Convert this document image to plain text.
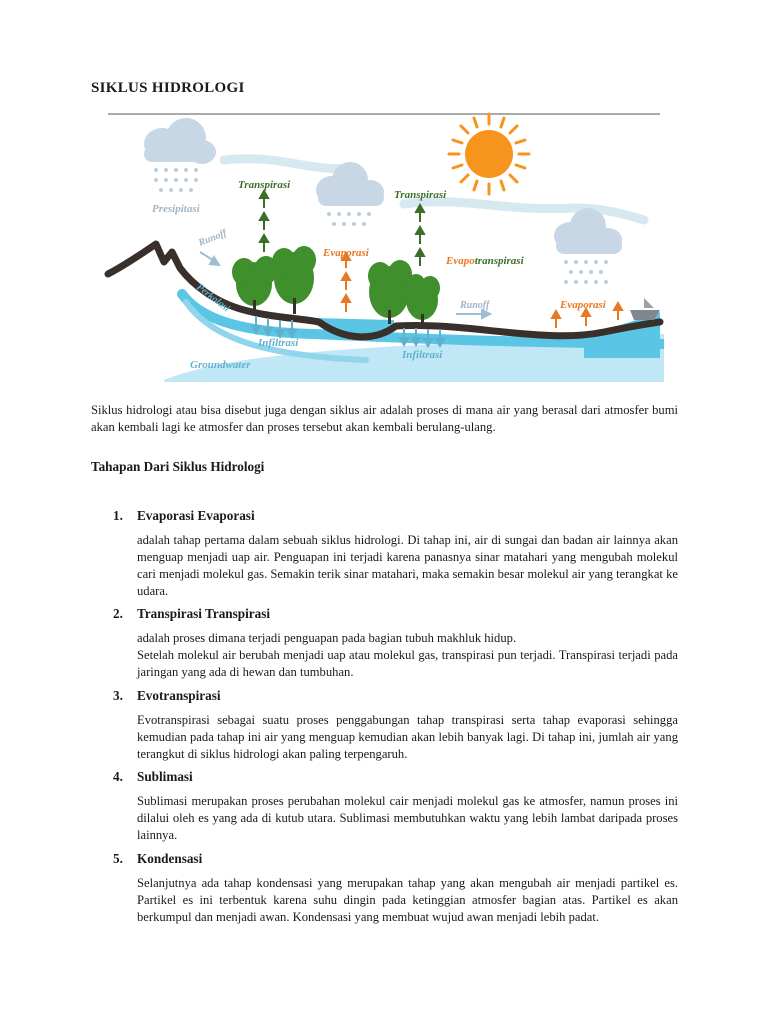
SIKLUS HIDROLOGI
Presipitasi
Transpirasi
Transpirasi
Evaporasi
Evaporasi
Evapotranspirasi
Runoff
Runoff
Perkolasi
Infiltrasi
Infiltrasi
Groundwater

Siklus hidrologi atau bisa disebut juga dengan siklus air adalah proses di mana air yang berasal dari atmosfer bumi akan kembali lagi ke atmosfer dan proses tersebut akan kembali berulang-ulang.

Tahapan Dari Siklus Hidrologi
1. Evaporasi Evaporasi

adalah tahap pertama dalam sebuah siklus hidrologi. Di tahap ini, air di sungai dan badan air lainnya akan menguap menjadi uap air. Penguapan ini terjadi karena panasnya sinar matahari yang mengubah molekul cari menjadi molekul gas. Semakin terik sinar matahari, maka semakin besar molekul air yang terangkat ke udara.

2. Transpirasi Transpirasi

adalah proses dimana terjadi penguapan pada bagian tubuh makhluk hidup.

Setelah molekul air berubah menjadi uap atau molekul gas, transpirasi pun terjadi. Transpirasi terjadi pada jaringan yang ada di hewan dan tumbuhan.

3. Evotranspirasi

Evotranspirasi sebagai suatu proses penggabungan tahap transpirasi serta tahap evaporasi sehingga kemudian pada tahap ini air yang menguap kemudian akan lebih banyak lagi. Di tahap ini, jumlah air yang terangkut di siklus hidrologi akan paling terpengaruh.

4. Sublimasi

Sublimasi merupakan proses perubahan molekul cair menjadi molekul gas ke atmosfer, namun proses ini dilalui oleh es yang ada di kutub utara. Sublimasi membutuhkan waktu yang lebih lambat daripada proses lainnya.

5. Kondensasi

Selanjutnya ada tahap kondensasi yang merupakan tahap yang akan mengubah air menjadi partikel es. Partikel es ini terbentuk karena suhu dingin pada ketinggian atmosfer bagian atas. Partikel es akan berkumpul dan menjadi awan. Kondensasi yang membuat wujud awan menjadi lebih padat.
